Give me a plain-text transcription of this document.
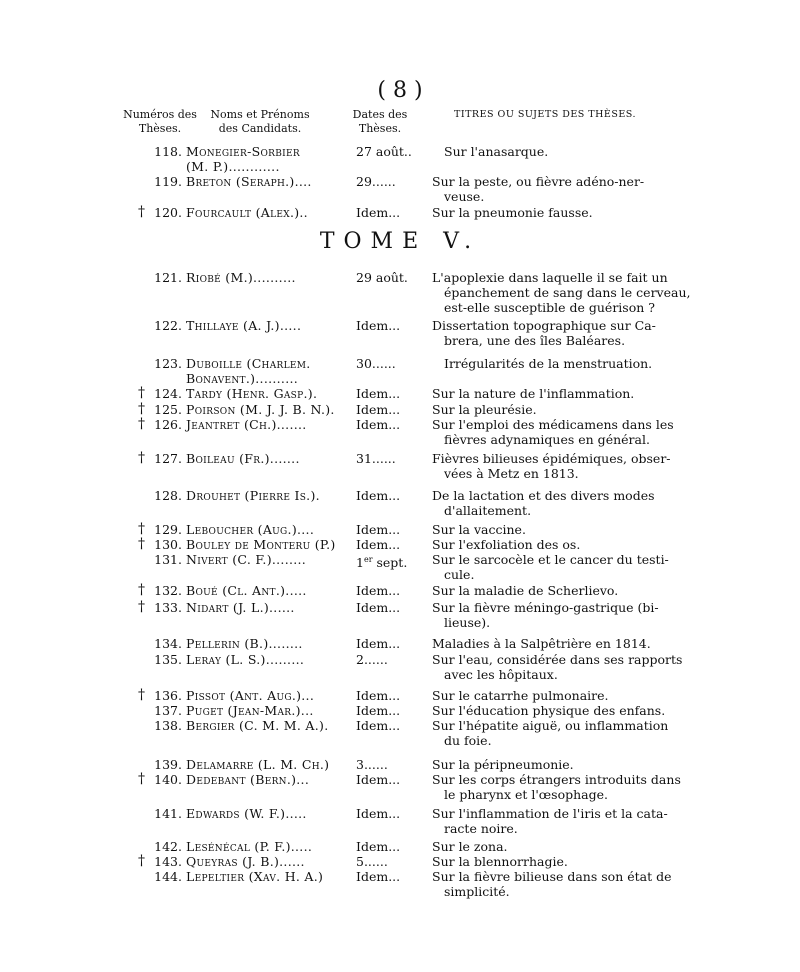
( 8 )
Numéros des Thèses.
Noms et Prénoms des Candidats.
Dates des Thèses.
TITRES OU SUJETS DES THÈSES.
TOME V.
118. Monegier-Sorbier
(M. P.)............
27 août..	Sur l'anasarque.
119. Breton (Seraph.)....	29......	Sur la peste, ou fièvre adéno-ner-
veuse.
† 120. Fourcault (Alex.)..	Idem...	Sur la pneumonie fausse.
121. Riobé (M.)..........	29 août.	L'apoplexie dans laquelle il se fait un
épanchement de sang dans le cerveau,
est-elle susceptible de guérison ?
122. Thillaye (A. J.).....	Idem...	Dissertation topographique sur Ca-
brera, une des îles Baléares.
123. Duboille (Charlem.
Bonavent.)..........
30......	Irrégularités de la menstruation.
† 124. Tardy (Henr. Gasp.).	Idem...	Sur la nature de l'inflammation.
† 125. Poirson (M. J. J. B. N.).	Idem...	Sur la pleurésie.
† 126. Jeantret (Ch.).......	Idem...	Sur l'emploi des médicamens dans les
fièvres adynamiques en général.
† 127. Boileau (Fr.).......	31......	Fièvres bilieuses épidémiques, obser-
vées à Metz en 1813.
128. Drouhet (Pierre Is.).	Idem...	De la lactation et des divers modes
d'allaitement.
† 129. Leboucher (Aug.)....	Idem...	Sur la vaccine.
† 130. Bouley de Monteru (P.)	Idem...	Sur l'exfoliation des os.
131. Nivert (C. F.)........	1er sept.	Sur le sarcocèle et le cancer du testi-
cule.
† 132. Boué (Cl. Ant.).....	Idem...	Sur la maladie de Scherlievo.
† 133. Nidart (J. L.)......	Idem...	Sur la fièvre méningo-gastrique (bi-
lieuse).
134. Pellerin (B.)........	Idem...	Maladies à la Salpêtrière en 1814.
135. Leray (L. S.).........	2......	Sur l'eau, considérée dans ses rapports
avec les hôpitaux.
† 136. Pissot (Ant. Aug.)...	Idem...	Sur le catarrhe pulmonaire.
137. Puget (Jean-Mar.)...	Idem...	Sur l'éducation physique des enfans.
138. Bergier (C. M. M. A.).	Idem...	Sur l'hépatite aiguë, ou inflammation
du foie.
139. Delamarre (L. M. Ch.)	3......	Sur la péripneumonie.
† 140. Dedebant (Bern.)...	Idem...	Sur les corps étrangers introduits dans
le pharynx et l'œsophage.
141. Edwards (W. F.).....	Idem...	Sur l'inflammation de l'iris et la cata-
racte noire.
142. Lesénécal (P. F.).....	Idem...	Sur le zona.
† 143. Queyras (J. B.)......	5......	Sur la blennorrhagie.
144. Lepeltier (Xav. H. A.)	Idem...	Sur la fièvre bilieuse dans son état de
simplicité.
